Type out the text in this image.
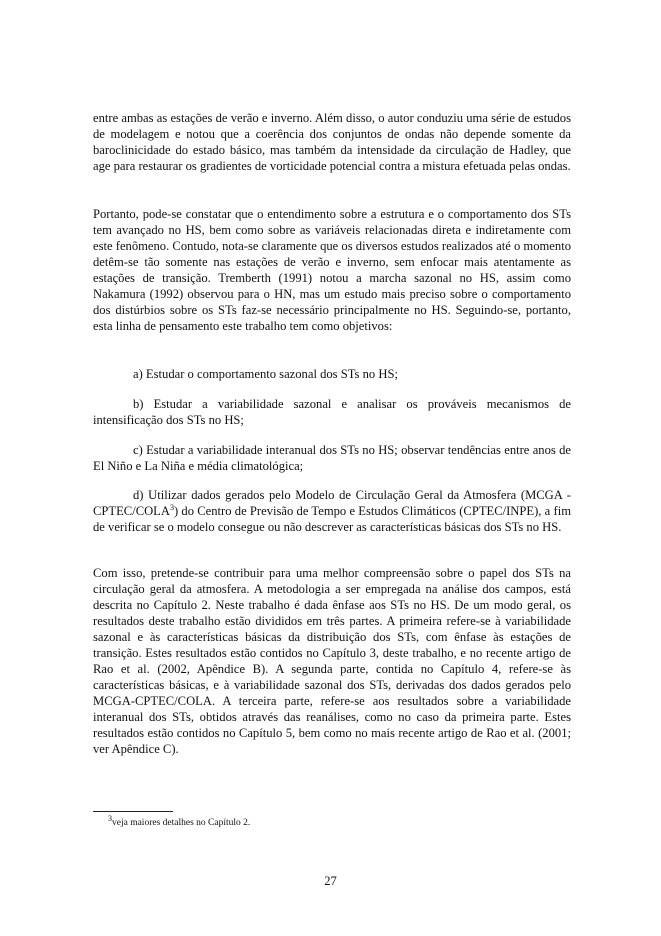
entre ambas as estações de verão e inverno. Além disso, o autor conduziu uma série de estudos de modelagem e notou que a coerência dos conjuntos de ondas não depende somente da baroclinicidade do estado básico, mas também da intensidade da circulação de Hadley, que age para restaurar os gradientes de vorticidade potencial contra a mistura efetuada pelas ondas.

Portanto, pode-se constatar que o entendimento sobre a estrutura e o comportamento dos STs tem avançado no HS, bem como sobre as variáveis relacionadas direta e indiretamente com este fenômeno. Contudo, nota-se claramente que os diversos estudos realizados até o momento detêm-se tão somente nas estações de verão e inverno, sem enfocar mais atentamente as estações de transição. Tremberth (1991) notou a marcha sazonal no HS, assim como Nakamura (1992) observou para o HN, mas um estudo mais preciso sobre o comportamento dos distúrbios sobre os STs faz-se necessário principalmente no HS. Seguindo-se, portanto, esta linha de pensamento este trabalho tem como objetivos:

a) Estudar o comportamento sazonal dos STs no HS;

b) Estudar a variabilidade sazonal e analisar os prováveis mecanismos de intensificação dos STs no HS;

c) Estudar a variabilidade interanual dos STs no HS; observar tendências entre anos de El Niño e La Niña e média climatológica;

d) Utilizar dados gerados pelo Modelo de Circulação Geral da Atmosfera (MCGA - CPTEC/COLA$^3$) do Centro de Previsão de Tempo e Estudos Climáticos (CPTEC/INPE), a fim de verificar se o modelo consegue ou não descrever as características básicas dos STs no HS.

Com isso, pretende-se contribuir para uma melhor compreensão sobre o papel dos STs na circulação geral da atmosfera. A metodologia a ser empregada na análise dos campos, está descrita no Capítulo 2. Neste trabalho é dada ênfase aos STs no HS. De um modo geral, os resultados deste trabalho estão divididos em três partes. A primeira refere-se à variabilidade sazonal e às características básicas da distribuição dos STs, com ênfase às estações de transição. Estes resultados estão contidos no Capítulo 3, deste trabalho, e no recente artigo de Rao et al. (2002, Apêndice B). A segunda parte, contida no Capítulo 4, refere-se às características básicas, e à variabilidade sazonal dos STs, derivadas dos dados gerados pelo MCGA-CPTEC/COLA. A terceira parte, refere-se aos resultados sobre a variabilidade interanual dos STs, obtidos através das reanálises, como no caso da primeira parte. Estes resultados estão contidos no Capítulo 5, bem como no mais recente artigo de Rao et al. (2001; ver Apêndice C).

$^3$veja maiores detalhes no Capítulo 2.

27
